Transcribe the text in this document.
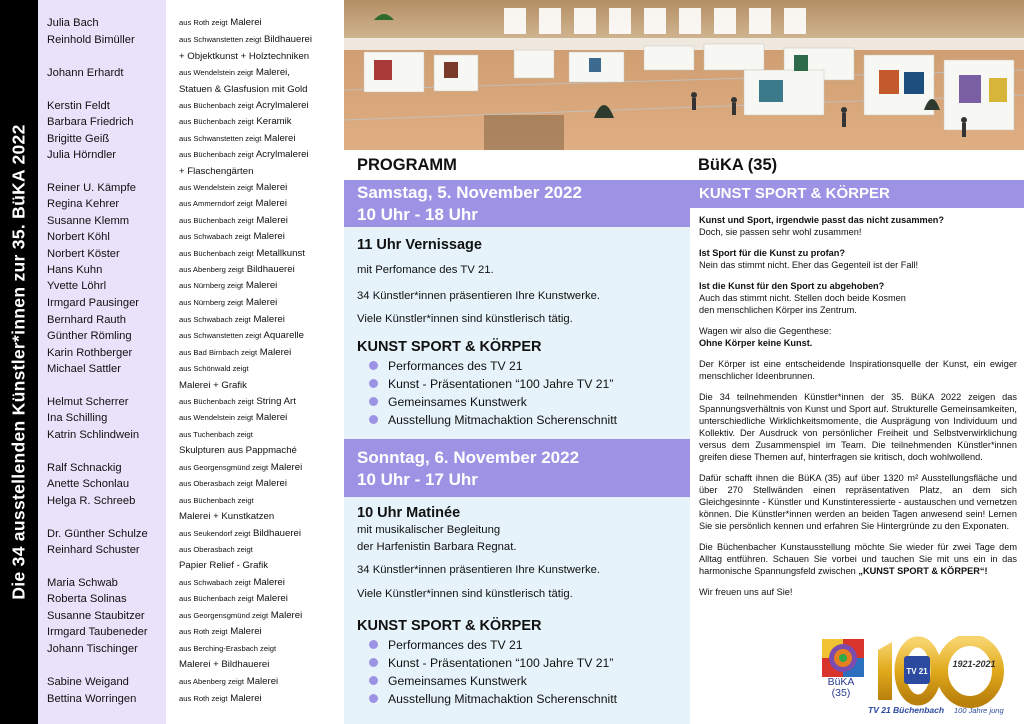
Die 34 ausstellenden Künstler*innen zur 35. BüKA 2022
Julia Bach	aus Roth zeigt Malerei
Reinhold Bimüller	aus Schwanstetten zeigt Bildhauerei
+ Objektkunst + Holztechniken
Johann Erhardt	aus Wendelstein zeigt Malerei,
Statuen & Glasfusion mit Gold
Kerstin Feldt	aus Büchenbach zeigt Acrylmalerei
Barbara Friedrich	aus Büchenbach zeigt Keramik
Brigitte Geiß	aus Schwanstetten zeigt Malerei
Julia Hörndler	aus Büchenbach zeigt Acrylmalerei
+ Flaschengärten
Reiner U. Kämpfe	aus Wendelstein zeigt Malerei
Regina Kehrer	aus Ammerndorf zeigt Malerei
Susanne Klemm	aus Büchenbach zeigt Malerei
Norbert Köhl	aus Schwabach zeigt Malerei
Norbert Köster	aus Büchenbach zeigt Metallkunst
Hans Kuhn	aus Abenberg zeigt Bildhauerei
Yvette Löhrl	aus Nürnberg zeigt Malerei
Irmgard Pausinger	aus Nürnberg zeigt Malerei
Bernhard Rauth	aus Schwabach zeigt Malerei
Günther Römling	aus Schwanstetten zeigt Aquarelle
Karin Rothberger	aus Bad Birnbach zeigt Malerei
Michael Sattler	aus Schönwald zeigt
Malerei + Grafik
Helmut Scherrer	aus Büchenbach zeigt String Art
Ina Schilling	aus Wendelstein zeigt Malerei
Katrin Schlindwein	aus Tuchenbach zeigt
Skulpturen aus Pappmaché
Ralf Schnackig	aus Georgensgmünd zeigt Malerei
Anette Schonlau	aus Oberasbach zeigt Malerei
Helga R. Schreeb	aus Büchenbach zeigt
Malerei + Kunstkatzen
Dr. Günther Schulze	aus Seukendorf zeigt Bildhauerei
Reinhard Schuster	aus Oberasbach zeigt
Papier Relief - Grafik
Maria Schwab	aus Schwabach zeigt Malerei
Roberta Solinas	aus Büchenbach zeigt Malerei
Susanne Staubitzer	aus Georgensgmünd zeigt Malerei
Irmgard Taubeneder	aus Roth zeigt Malerei
Johann Tischinger	aus Berching-Erasbach zeigt
Malerei + Bildhauerei
Sabine Weigand	aus Abenberg zeigt Malerei
Bettina Worringen	aus Roth zeigt Malerei
PROGRAMM
Samstag, 5. November 2022
10 Uhr - 18 Uhr
11 Uhr Vernissage
mit Perfomance des TV 21.
34 Künstler*innen präsentieren Ihre Kunstwerke.
Viele Künstler*innen sind künstlerisch tätig.
KUNST SPORT & KÖRPER
Performances des TV 21
Kunst - Präsentationen “100 Jahre TV 21”
Gemeinsames Kunstwerk
Ausstellung Mitmachaktion Scherenschnitt
Sonntag, 6. November 2022
10 Uhr - 17 Uhr
10 Uhr Matinée
mit musikalischer Begleitung
der Harfenistin Barbara Regnat.
34 Künstler*innen präsentieren Ihre Kunstwerke.
Viele Künstler*innen sind künstlerisch tätig.
KUNST SPORT & KÖRPER
Performances des TV 21
Kunst - Präsentationen “100 Jahre TV 21”
Gemeinsames Kunstwerk
Ausstellung Mitmachaktion Scherenschnitt
BüKA (35)
KUNST SPORT & KÖRPER

Kunst und Sport, irgendwie passt das nicht zusammen?
Doch, sie passen sehr wohl zusammen!

Ist Sport für die Kunst zu profan?
Nein das stimmt nicht. Eher das Gegenteil ist der Fall!

Ist die Kunst für den Sport zu abgehoben?
Auch das stimmt nicht. Stellen doch beide Kosmen
den menschlichen Körper ins Zentrum.

Wagen wir also die Gegenthese:
Ohne Körper keine Kunst.

Der Körper ist eine entscheidende Inspirationsquelle der Kunst, ein ewiger menschlicher Ideenbrunnen.

Die 34 teilnehmenden Künstler*innen der 35. BüKA 2022 zeigen das Spannungsverhältnis von Kunst und Sport auf. Strukturelle Gemeinsamkeiten, unterschiedliche Wirklichkeitsmomente, die Ausprägung von Individuum und Kollektiv. Der Ausdruck von persönlicher Freiheit und Selbstverwirklichung versus dem Zusammenspiel im Team. Die teilnehmenden Künstler*innen greifen diese Themen auf, hinterfragen sie kritisch, doch wohlwollend.

Dafür schafft ihnen die BüKA (35) auf über 1320 m² Ausstellungsfläche und über 270 Stellwänden einen repräsentativen Platz, an dem sich Gleichgesinnte - Künstler und Kunstinteressierte - austauschen und vernetzen können. Die Künstler*innen werden an beiden Tagen anwesend sein! Lernen Sie sie persönlich kennen und erfahren Sie Hintergründe zu den Exponaten.

Die Büchenbacher Kunstausstellung möchte Sie wieder für zwei Tage dem Alltag entführen. Schauen Sie vorbei und tauchen Sie mit uns ein in das harmonische Spannungsfeld zwischen „KUNST SPORT & KÖRPER“!

Wir freuen uns auf Sie!

BüKA
(35)
TV 21
1921-2021
TV 21 Büchenbach 100 Jahre jung
